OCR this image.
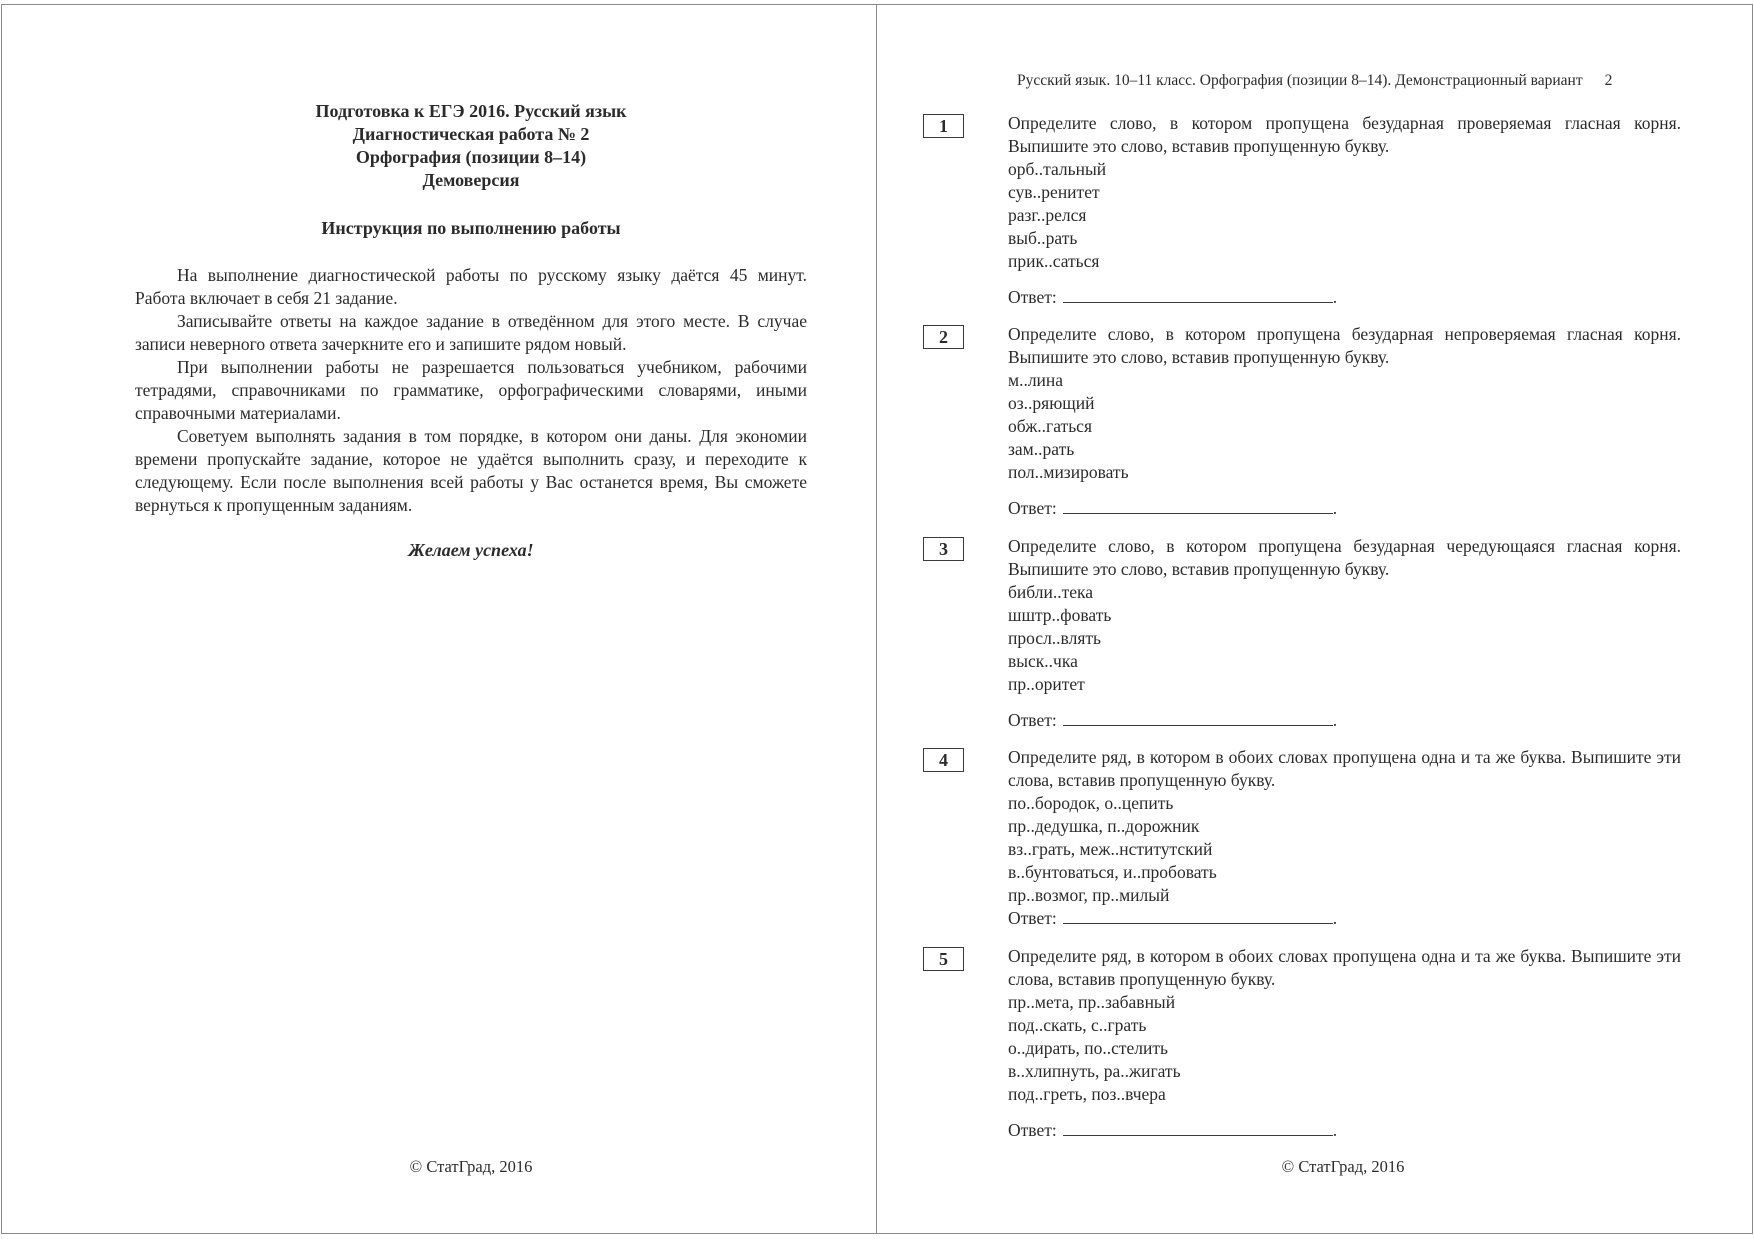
Подготовка к ЕГЭ 2016. Русский язык
Диагностическая работа № 2
Орфография (позиции 8–14)
Демоверсия
Инструкция по выполнению работы

На выполнение диагностической работы по русскому языку даётся 45 минут. Работа включает в себя 21 задание.

Записывайте ответы на каждое задание в отведённом для этого месте. В случае записи неверного ответа зачеркните его и запишите рядом новый.

При выполнении работы не разрешается пользоваться учебником, рабочими тетрадями, справочниками по грамматике, орфографическими словарями, иными справочными материалами.

Советуем выполнять задания в том порядке, в котором они даны. Для экономии времени пропускайте задание, которое не удаётся выполнить сразу, и переходите к следующему. Если после выполнения всей работы у Вас останется время, Вы сможете вернуться к пропущенным заданиям.

Желаем успеха!
© СтатГрад, 2016
Русский язык. 10–11 класс. Орфография (позиции 8–14). Демонстрационный вариант 2
1	Определите слово, в котором пропущена безударная проверяемая гласная корня. Выпишите это слово, вставив пропущенную букву.
орб..тальный
сув..ренитет
разг..релся
выб..рать
прик..саться
Ответ:	.
2	Определите слово, в котором пропущена безударная непроверяемая гласная корня. Выпишите это слово, вставив пропущенную букву.
м..лина
оз..ряющий
обж..гаться
зам..рать
пол..мизировать
Ответ:	.
3	Определите слово, в котором пропущена безударная чередующаяся гласная корня. Выпишите это слово, вставив пропущенную букву.
библи..тека
шштр..фовать
просл..влять
выск..чка
пр..оритет
Ответ:	.
4	Определите ряд, в котором в обоих словах пропущена одна и та же буква. Выпишите эти слова, вставив пропущенную букву.
по..бородок, о..цепить
пр..дедушка, п..дорожник
вз..грать, меж..нститутский
в..бунтоваться, и..пробовать
пр..возмог, пр..милый
Ответ:	.
5	Определите ряд, в котором в обоих словах пропущена одна и та же буква. Выпишите эти слова, вставив пропущенную букву.
пр..мета, пр..забавный
под..скать, с..грать
о..дирать, по..стелить
в..хлипнуть, ра..жигать
под..греть, поз..вчера
Ответ:	.
© СтатГрад, 2016
